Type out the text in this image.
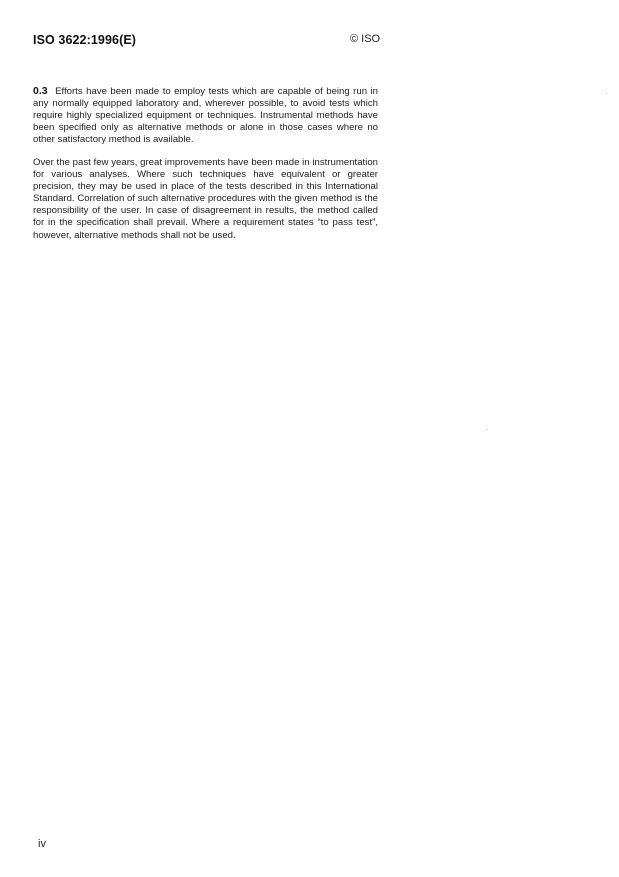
ISO 3622:1996(E)	© ISO
0.3 Efforts have been made to employ tests which are capable of being run in any normally equipped laboratory and, wherever possible, to avoid tests which require highly specialized equipment or techniques. Instrumental methods have been specified only as alternative methods or alone in those cases where no other satisfactory method is available.
Over the past few years, great improvements have been made in instrumentation for various analyses. Where such techniques have equivalent or greater precision, they may be used in place of the tests described in this International Standard. Correlation of such alternative procedures with the given method is the responsibility of the user. In case of disagreement in results, the method called for in the specification shall prevail. Where a requirement states “to pass test”, however, alternative methods shall not be used.
iv
